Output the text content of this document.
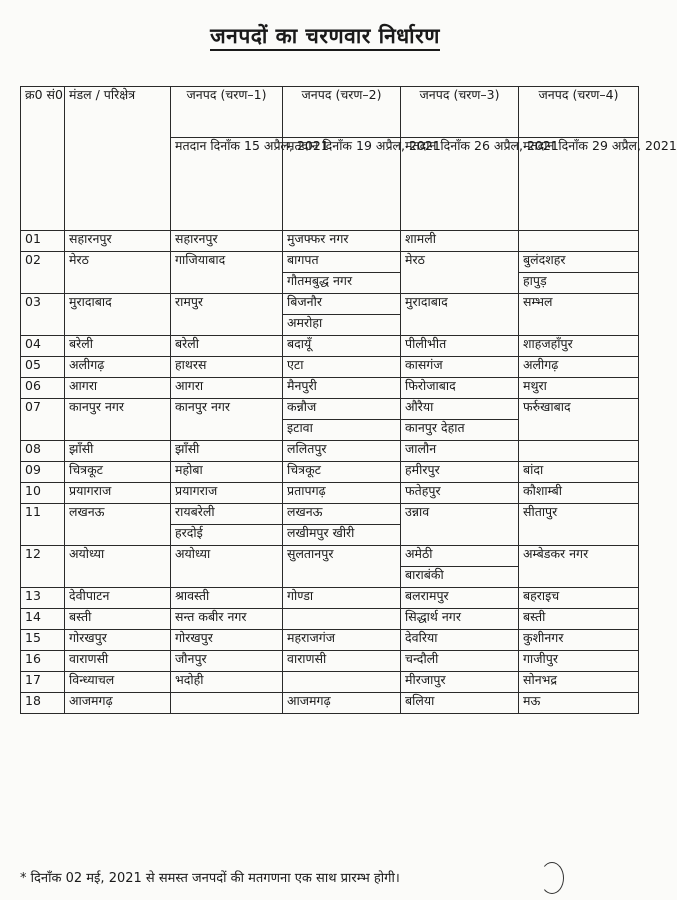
जनपदों का चरणवार निर्धारण
क्र0 सं0	मंडल / परिक्षेत्र	जनपद (चरण–1)	जनपद (चरण–2)	जनपद (चरण–3)	जनपद (चरण–4)
		मतदान दिनाँक 15 अप्रैल, 2021	मतदान दिनाँक 19 अप्रैल, 2021	मतदान दिनाँक 26 अप्रैल, 2021	मतदान दिनाँक 29 अप्रैल, 2021
01	सहारनपुर	सहारनपुर	मुजफ्फर नगर	शामली	
02	मेरठ	गाजियाबाद	बागपत	मेरठ	बुलंदशहर
			गौतमबुद्ध नगर		हापुड़
03	मुरादाबाद	रामपुर	बिजनौर	मुरादाबाद	सम्भल
			अमरोहा		
04	बरेली	बरेली	बदायूँ	पीलीभीत	शाहजहाँपुर
05	अलीगढ़	हाथरस	एटा	कासगंज	अलीगढ़
06	आगरा	आगरा	मैनपुरी	फिरोजाबाद	मथुरा
07	कानपुर नगर	कानपुर नगर	कन्नौज	औरैया	फर्रुखाबाद
			इटावा	कानपुर देहात	
08	झाँसी	झाँसी	ललितपुर	जालौन	
09	चित्रकूट	महोबा	चित्रकूट	हमीरपुर	बांदा
10	प्रयागराज	प्रयागराज	प्रतापगढ़	फतेहपुर	कौशाम्बी
11	लखनऊ	रायबरेली	लखनऊ	उन्नाव	सीतापुर
		हरदोई	लखीमपुर खीरी		
12	अयोध्या	अयोध्या	सुलतानपुर	अमेठी	अम्बेडकर नगर
				बाराबंकी	
13	देवीपाटन	श्रावस्ती	गोण्डा	बलरामपुर	बहराइच
14	बस्ती	सन्त कबीर नगर		सिद्धार्थ नगर	बस्ती
15	गोरखपुर	गोरखपुर	महराजगंज	देवरिया	कुशीनगर
16	वाराणसी	जौनपुर	वाराणसी	चन्दौली	गाजीपुर
17	विन्ध्याचल	भदोही		मीरजापुर	सोनभद्र
18	आजमगढ़		आजमगढ़	बलिया	मऊ
* दिनाँक 02 मई, 2021 से समस्त जनपदों की मतगणना एक साथ प्रारम्भ होगी।
